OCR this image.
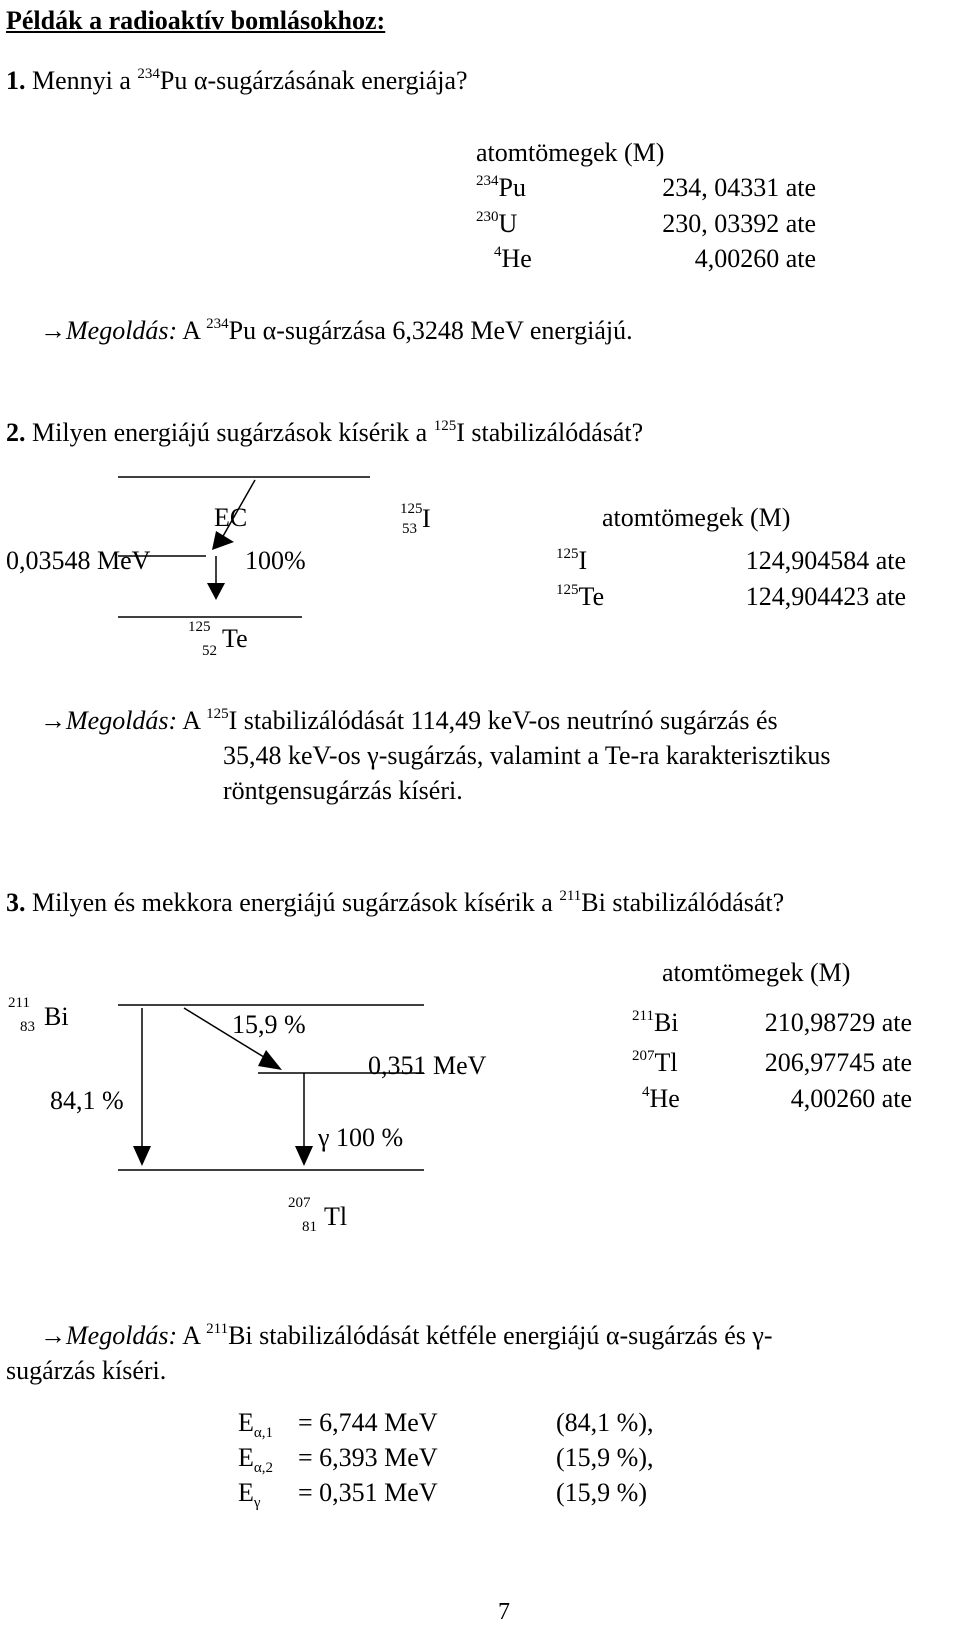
Példák a radioaktív bomlásokhoz:
1. Mennyi a $^{234}$Pu α-sugárzásának energiája?
atomtömegek (M)
$^{234}$Pu	234, 04331 ate
$^{230}$U	230, 03392 ate
$^4$He	4,00260 ate
→Megoldás: A $^{234}$Pu α-sugárzása 6,3248 MeV energiájú.
2. Milyen energiájú sugárzások kísérik a $^{125}$I stabilizálódását?
EC	125
53 I
0,03548 MeV	100%
125
52 Te
atomtömegek (M)
$^{125}$I	124,904584 ate
$^{125}$Te	124,904423 ate
→Megoldás: A $^{125}$I stabilizálódását 114,49 keV-os neutrínó sugárzás és
35,48 keV-os γ-sugárzás, valamint a Te-ra karakterisztikus
röntgensugárzás kíséri.
3. Milyen és mekkora energiájú sugárzások kísérik a $^{211}$Bi stabilizálódását?
atomtömegek (M)
211
83 Bi	15,9 %
0,351 MeV
84,1 %
γ 100 %
207
81 Tl
$^{211}$Bi	210,98729 ate
$^{207}$Tl	206,97745 ate
$^4$He	4,00260 ate
→Megoldás: A $^{211}$Bi stabilizálódását kétféle energiájú α-sugárzás és γ-
sugárzás kíséri.
$E_{\alpha,1} = 6,744$ MeV	(84,1 %),
$E_{\alpha,2} = 6,393$ MeV	(15,9 %),
$E_\gamma = 0,351$ MeV	(15,9 %)
7
